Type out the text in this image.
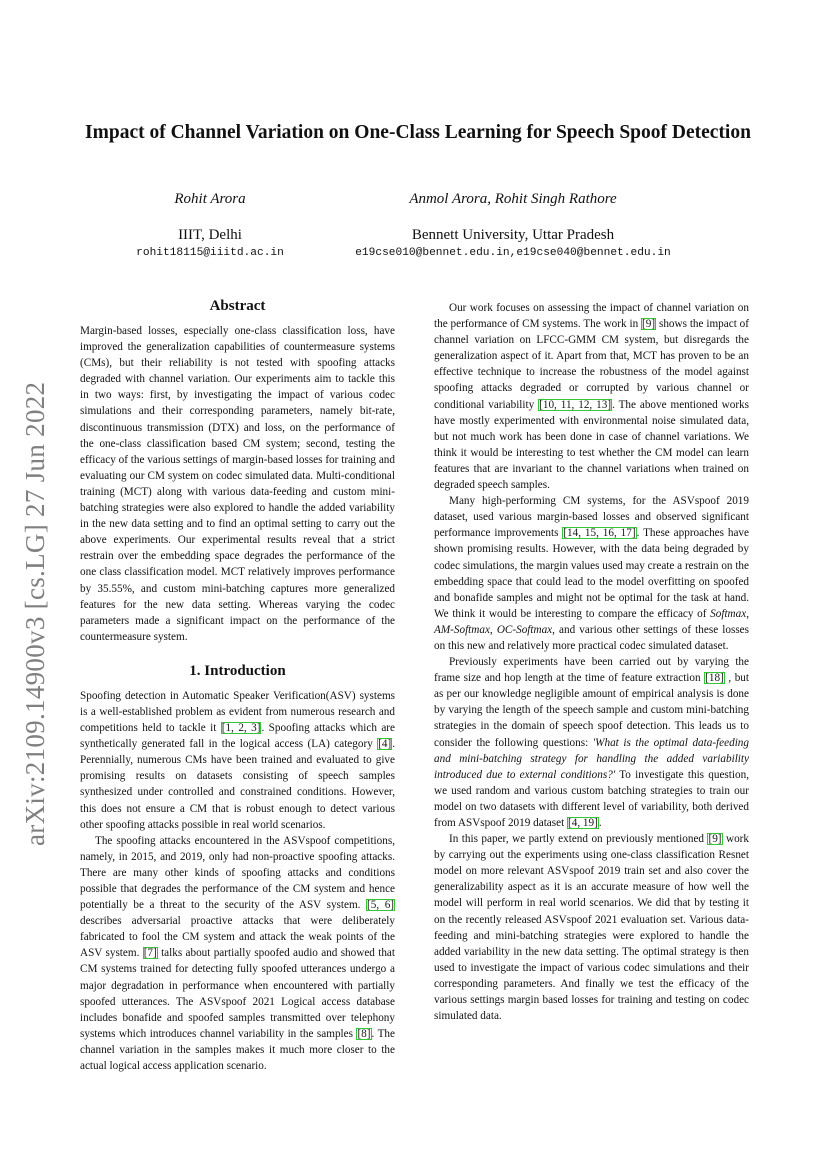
arXiv:2109.14900v3 [cs.LG] 27 Jun 2022
Impact of Channel Variation on One-Class Learning for Speech Spoof Detection
Rohit Arora
IIIT, Delhi
rohit18115@iiitd.ac.in
Anmol Arora, Rohit Singh Rathore
Bennett University, Uttar Pradesh
e19cse010@bennet.edu.in,e19cse040@bennet.edu.in
Abstract

Margin-based losses, especially one-class classification loss, have improved the generalization capabilities of countermeasure systems (CMs), but their reliability is not tested with spoofing attacks degraded with channel variation. Our experiments aim to tackle this in two ways: first, by investigating the impact of various codec simulations and their corresponding parameters, namely bit-rate, discontinuous transmission (DTX) and loss, on the performance of the one-class classification based CM system; second, testing the efficacy of the various settings of margin-based losses for training and evaluating our CM system on codec simulated data. Multi-conditional training (MCT) along with various data-feeding and custom mini-batching strategies were also explored to handle the added variability in the new data setting and to find an optimal setting to carry out the above experiments. Our experimental results reveal that a strict restrain over the embedding space degrades the performance of the one class classification model. MCT relatively improves performance by 35.55%, and custom mini-batching captures more generalized features for the new data setting. Whereas varying the codec parameters made a significant impact on the performance of the countermeasure system.

1. Introduction

Spoofing detection in Automatic Speaker Verification(ASV) systems is a well-established problem as evident from numerous research and competitions held to tackle it [1, 2, 3]. Spoofing attacks which are synthetically generated fall in the logical access (LA) category [4]. Perennially, numerous CMs have been trained and evaluated to give promising results on datasets consisting of speech samples synthesized under controlled and constrained conditions. However, this does not ensure a CM that is robust enough to detect various other spoofing attacks possible in real world scenarios.

The spoofing attacks encountered in the ASVspoof competitions, namely, in 2015, and 2019, only had non-proactive spoofing attacks. There are many other kinds of spoofing attacks and conditions possible that degrades the performance of the CM system and hence potentially be a threat to the security of the ASV system. [5, 6] describes adversarial proactive attacks that were deliberately fabricated to fool the CM system and attack the weak points of the ASV system. [7] talks about partially spoofed audio and showed that CM systems trained for detecting fully spoofed utterances undergo a major degradation in performance when encountered with partially spoofed utterances. The ASVspoof 2021 Logical access database includes bonafide and spoofed samples transmitted over telephony systems which introduces channel variability in the samples [8]. The channel variation in the samples makes it much more closer to the actual logical access application scenario.

Our work focuses on assessing the impact of channel variation on the performance of CM systems. The work in [9] shows the impact of channel variation on LFCC-GMM CM system, but disregards the generalization aspect of it. Apart from that, MCT has proven to be an effective technique to increase the robustness of the model against spoofing attacks degraded or corrupted by various channel or conditional variability [10, 11, 12, 13]. The above mentioned works have mostly experimented with environmental noise simulated data, but not much work has been done in case of channel variations. We think it would be interesting to test whether the CM model can learn features that are invariant to the channel variations when trained on degraded speech samples.

Many high-performing CM systems, for the ASVspoof 2019 dataset, used various margin-based losses and observed significant performance improvements [14, 15, 16, 17]. These approaches have shown promising results. However, with the data being degraded by codec simulations, the margin values used may create a restrain on the embedding space that could lead to the model overfitting on spoofed and bonafide samples and might not be optimal for the task at hand. We think it would be interesting to compare the efficacy of Softmax, AM-Softmax, OC-Softmax, and various other settings of these losses on this new and relatively more practical codec simulated dataset.

Previously experiments have been carried out by varying the frame size and hop length at the time of feature extraction [18] , but as per our knowledge negligible amount of empirical analysis is done by varying the length of the speech sample and custom mini-batching strategies in the domain of speech spoof detection. This leads us to consider the following questions: 'What is the optimal data-feeding and mini-batching strategy for handling the added variability introduced due to external conditions?' To investigate this question, we used random and various custom batching strategies to train our model on two datasets with different level of variability, both derived from ASVspoof 2019 dataset [4, 19].

In this paper, we partly extend on previously mentioned [9] work by carrying out the experiments using one-class classification Resnet model on more relevant ASVspoof 2019 train set and also cover the generalizability aspect as it is an accurate measure of how well the model will perform in real world scenarios. We did that by testing it on the recently released ASVspoof 2021 evaluation set. Various data-feeding and mini-batching strategies were explored to handle the added variability in the new data setting. The optimal strategy is then used to investigate the impact of various codec simulations and their corresponding parameters. And finally we test the efficacy of the various settings margin based losses for training and testing on codec simulated data.
